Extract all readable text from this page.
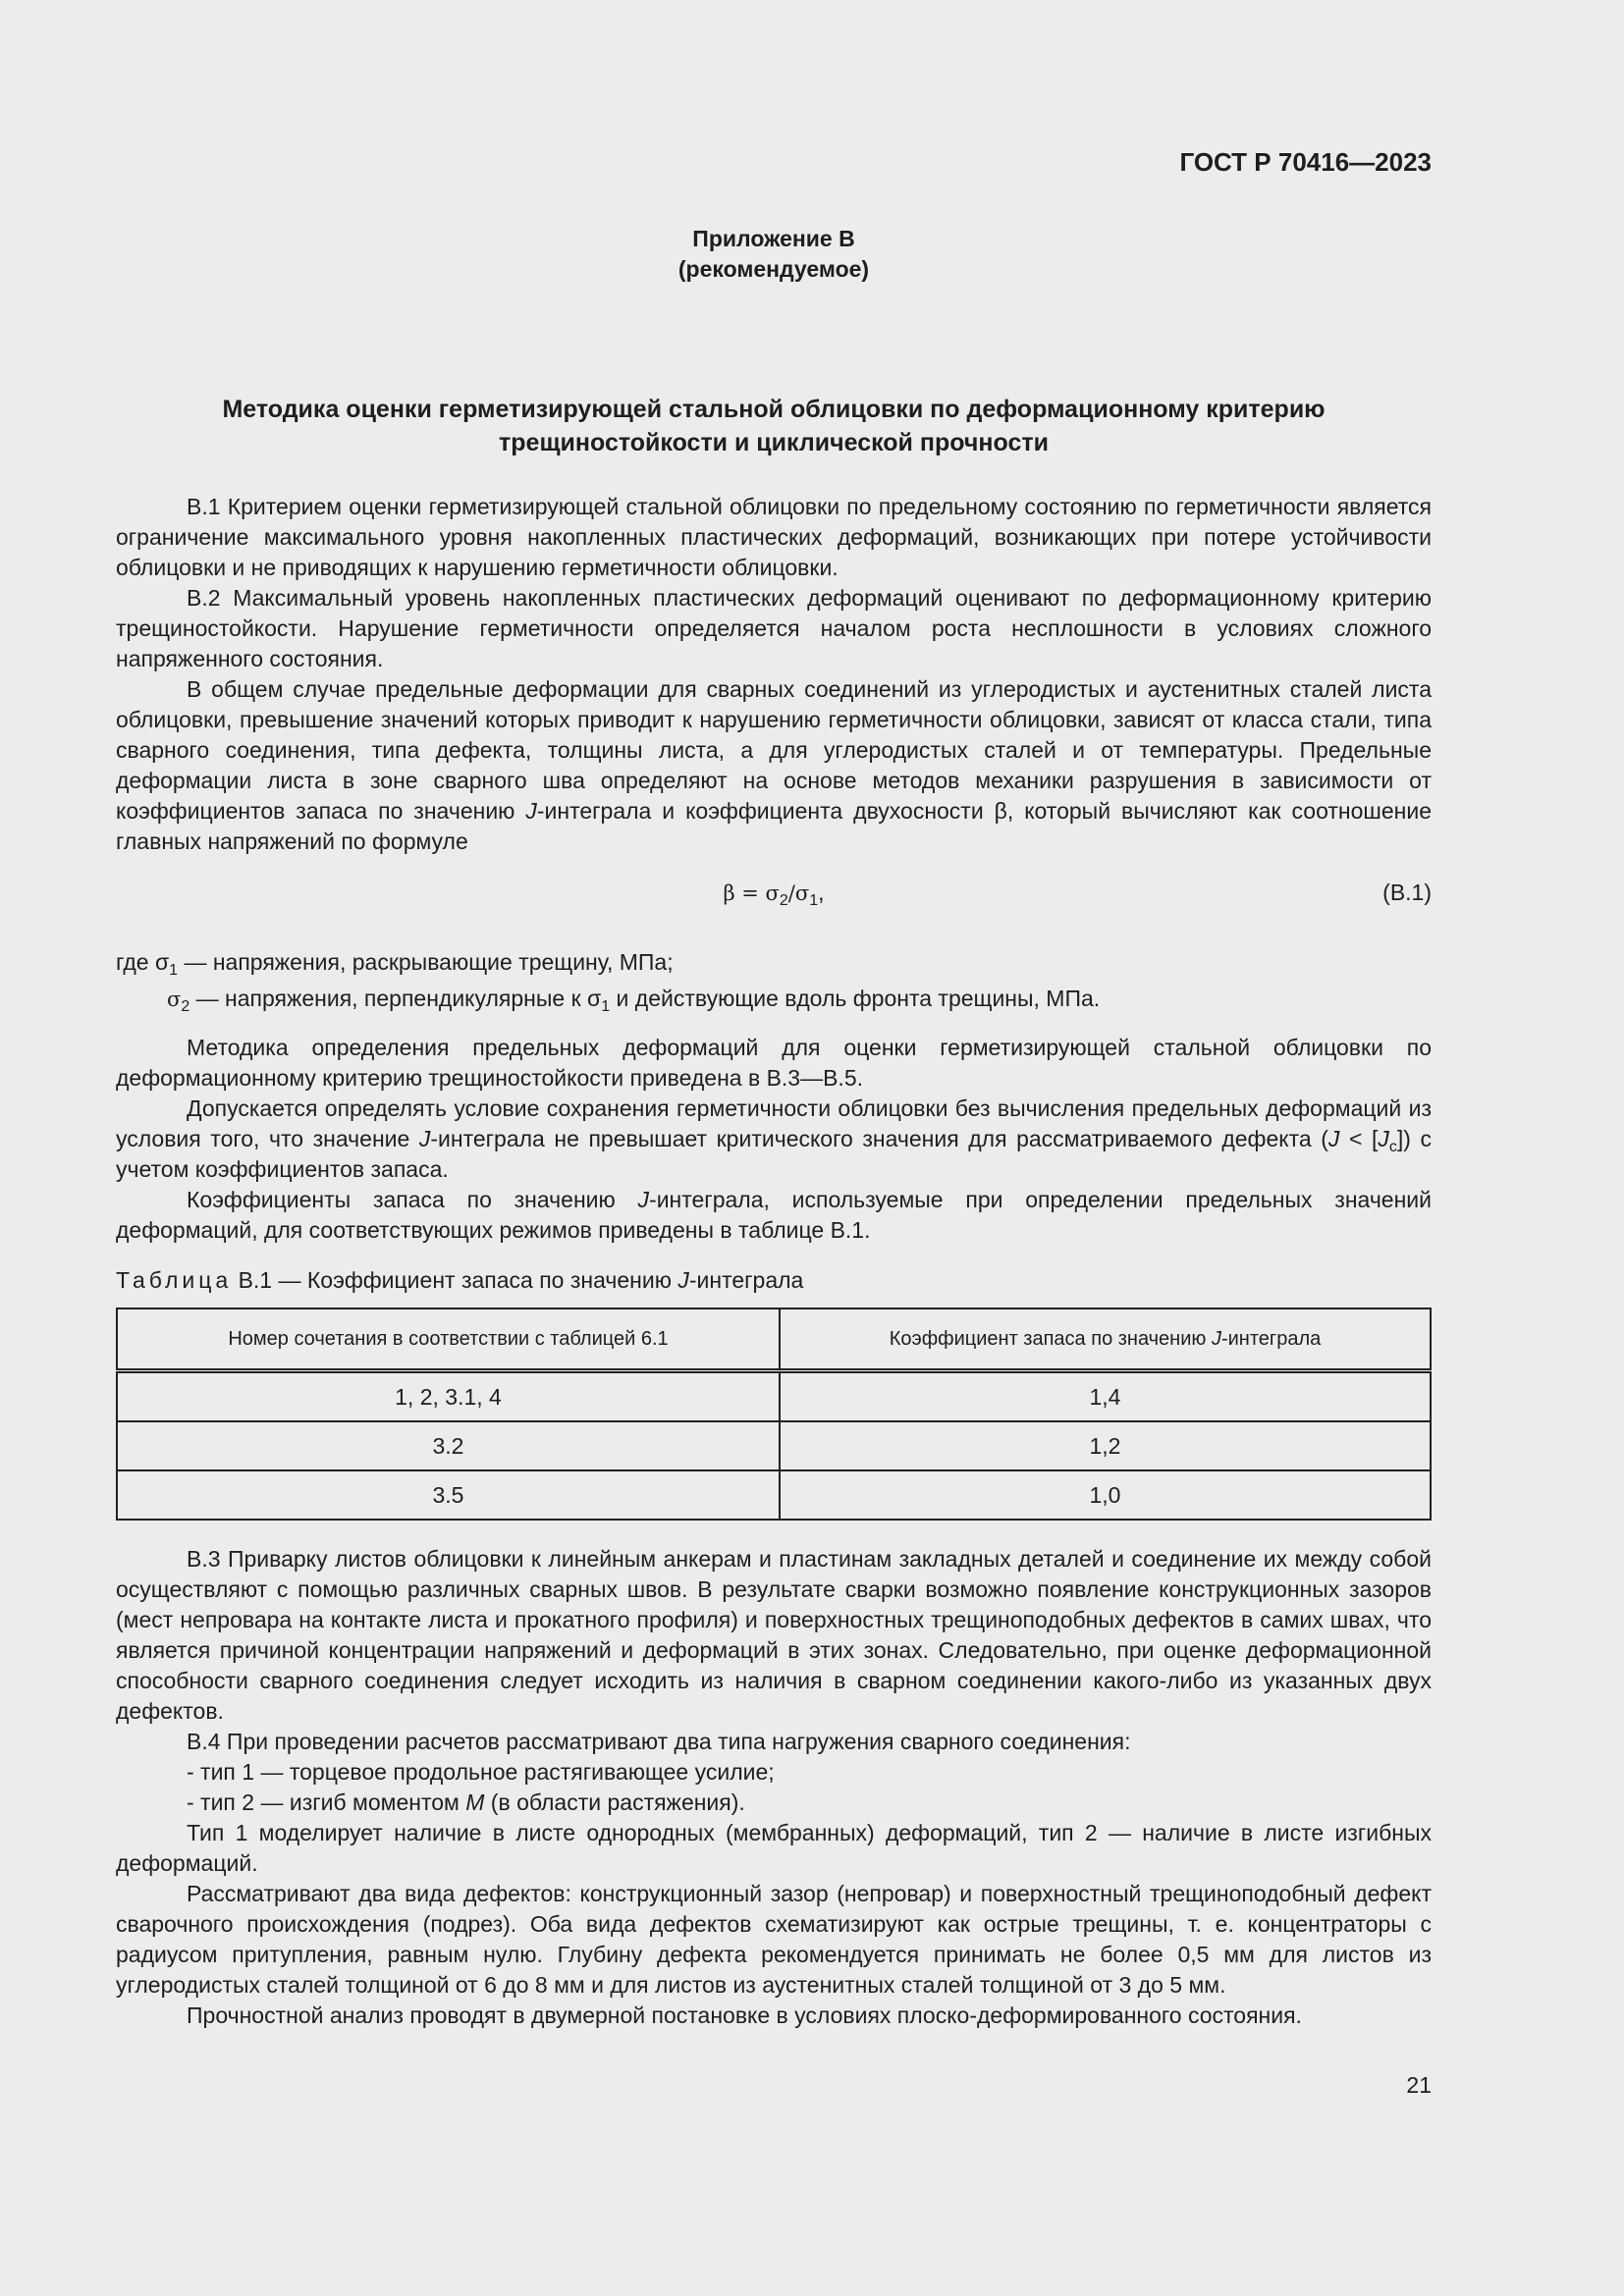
ГОСТ Р 70416—2023
Приложение В
(рекомендуемое)
Методика оценки герметизирующей стальной облицовки по деформационному критерию
трещиностойкости и циклической прочности

В.1 Критерием оценки герметизирующей стальной облицовки по предельному состоянию по герметичности является ограничение максимального уровня накопленных пластических деформаций, возникающих при потере устойчивости облицовки и не приводящих к нарушению герметичности облицовки.

В.2 Максимальный уровень накопленных пластических деформаций оценивают по деформационному критерию трещиностойкости. Нарушение герметичности определяется началом роста несплошности в условиях сложного напряженного состояния.

В общем случае предельные деформации для сварных соединений из углеродистых и аустенитных сталей листа облицовки, превышение значений которых приводит к нарушению герметичности облицовки, зависят от класса стали, типа сварного соединения, типа дефекта, толщины листа, а для углеродистых сталей и от температуры. Предельные деформации листа в зоне сварного шва определяют на основе методов механики разрушения в зависимости от коэффициентов запаса по значению J-интеграла и коэффициента двухосности β, который вычисляют как соотношение главных напряжений по формуле

$\beta = \sigma_2/\sigma_1$,	(В.1)
где $\sigma_1$ — напряжения, раскрывающие трещину, МПа;
$\sigma_2$ — напряжения, перпендикулярные к $\sigma_1$ и действующие вдоль фронта трещины, МПа.

Методика определения предельных деформаций для оценки герметизирующей стальной облицовки по деформационному критерию трещиностойкости приведена в В.3—В.5.

Допускается определять условие сохранения герметичности облицовки без вычисления предельных деформаций из условия того, что значение J-интеграла не превышает критического значения для рассматриваемого дефекта $(J < [J_c])$ с учетом коэффициентов запаса.

Коэффициенты запаса по значению J-интеграла, используемые при определении предельных значений деформаций, для соответствующих режимов приведены в таблице В.1.

Таблица В.1 — Коэффициент запаса по значению J-интеграла
Номер сочетания в соответствии с таблицей 6.1	Коэффициент запаса по значению J-интеграла
1, 2, 3.1, 4	1,4
3.2	1,2
3.5	1,0

В.3 Приварку листов облицовки к линейным анкерам и пластинам закладных деталей и соединение их между собой осуществляют с помощью различных сварных швов. В результате сварки возможно появление конструкционных зазоров (мест непровара на контакте листа и прокатного профиля) и поверхностных трещиноподобных дефектов в самих швах, что является причиной концентрации напряжений и деформаций в этих зонах. Следовательно, при оценке деформационной способности сварного соединения следует исходить из наличия в сварном соединении какого-либо из указанных двух дефектов.

В.4 При проведении расчетов рассматривают два типа нагружения сварного соединения:

- тип 1 — торцевое продольное растягивающее усилие;

- тип 2 — изгиб моментом M (в области растяжения).

Тип 1 моделирует наличие в листе однородных (мембранных) деформаций, тип 2 — наличие в листе изгибных деформаций.

Рассматривают два вида дефектов: конструкционный зазор (непровар) и поверхностный трещиноподобный дефект сварочного происхождения (подрез). Оба вида дефектов схематизируют как острые трещины, т. е. концентраторы с радиусом притупления, равным нулю. Глубину дефекта рекомендуется принимать не более 0,5 мм для листов из углеродистых сталей толщиной от 6 до 8 мм и для листов из аустенитных сталей толщиной от 3 до 5 мм.

Прочностной анализ проводят в двумерной постановке в условиях плоско-деформированного состояния.

21
